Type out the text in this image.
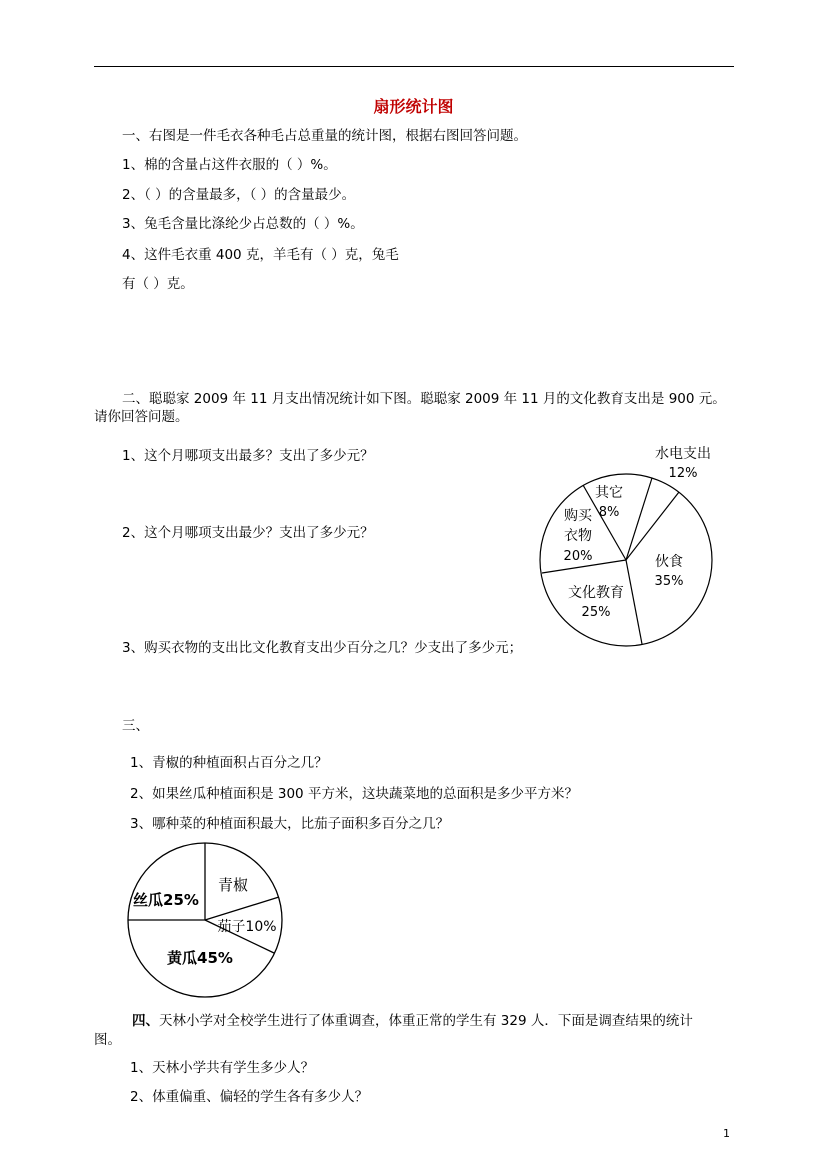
扇形统计图
一、右图是一件毛衣各种毛占总重量的统计图，根据右图回答问题。
1、棉的含量占这件衣服的（ ）%。
2、（ ）的含量最多，（ ）的含量最少。
3、兔毛含量比涤纶少占总数的（ ）%。
4、这件毛衣重 400 克，羊毛有（ ）克，兔毛
有（ ）克。
二、聪聪家 2009 年 11 月支出情况统计如下图。聪聪家 2009 年 11 月的文化教育支出是 900 元。
请你回答问题。
1、这个月哪项支出最多？支出了多少元？
2、这个月哪项支出最少？支出了多少元？
3、购买衣物的支出比文化教育支出少百分之几？少支出了多少元；
水电支出
12%
伙食
35%
文化教育
25%
购买
衣物
20%
其它
8%
三、
1、青椒的种植面积占百分之几？
2、如果丝瓜种植面积是 300 平方米，这块蔬菜地的总面积是多少平方米？
3、哪种菜的种植面积最大，比茄子面积多百分之几？
青椒
茄子10%
黄瓜45%
丝瓜25%
四、天林小学对全校学生进行了体重调查，体重正常的学生有 329 人．下面是调查结果的统计
图。
1、天林小学共有学生多少人？
2、体重偏重、偏轻的学生各有多少人？
1
